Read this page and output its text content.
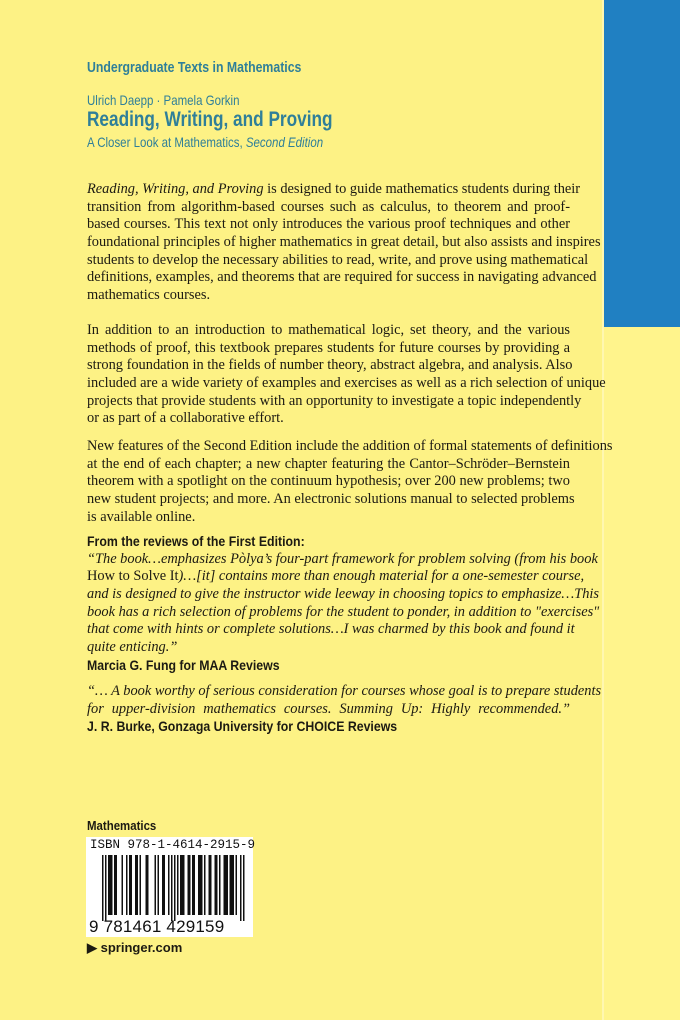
Undergraduate Texts in Mathematics
Ulrich Daepp · Pamela Gorkin
Reading, Writing, and Proving
A Closer Look at Mathematics, Second Edition
Reading, Writing, and Proving is designed to guide mathematics students during their
transition from algorithm-based courses such as calculus, to theorem and proof-
based courses. This text not only introduces the various proof techniques and other
foundational principles of higher mathematics in great detail, but also assists and inspires
students to develop the necessary abilities to read, write, and prove using mathematical
definitions, examples, and theorems that are required for success in navigating advanced
mathematics courses.
In addition to an introduction to mathematical logic, set theory, and the various
methods of proof, this textbook prepares students for future courses by providing a
strong foundation in the fields of number theory, abstract algebra, and analysis. Also
included are a wide variety of examples and exercises as well as a rich selection of unique
projects that provide students with an opportunity to investigate a topic independently
or as part of a collaborative effort.
New features of the Second Edition include the addition of formal statements of definitions
at the end of each chapter; a new chapter featuring the Cantor–Schröder–Bernstein
theorem with a spotlight on the continuum hypothesis; over 200 new problems; two
new student projects; and more. An electronic solutions manual to selected problems
is available online.
From the reviews of the First Edition:
“The book…emphasizes Pòlya’s four-part framework for problem solving (from his book
How to Solve It)…[it] contains more than enough material for a one-semester course,
and is designed to give the instructor wide leeway in choosing topics to emphasize…This
book has a rich selection of problems for the student to ponder, in addition to "exercises"
that come with hints or complete solutions…I was charmed by this book and found it
quite enticing.”
Marcia G. Fung for MAA Reviews
“… A book worthy of serious consideration for courses whose goal is to prepare students
for upper-division mathematics courses. Summing Up: Highly recommended.”
J. R. Burke, Gonzaga University for CHOICE Reviews
Mathematics
ISBN 978-1-4614-2915-9
9 781461 429159
▶ springer.com
